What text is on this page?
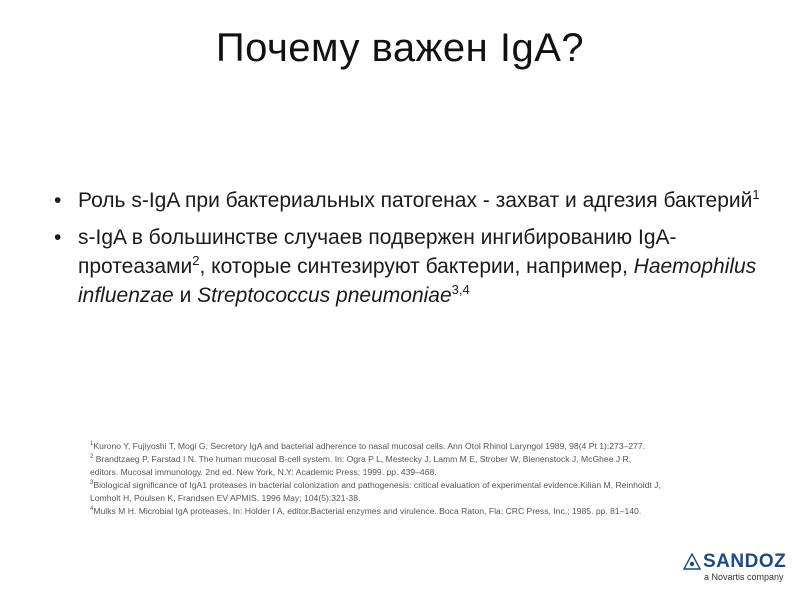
Почему важен IgA?
• Роль s-IgA при бактериальных патогенах - захват и адгезия бактерий$^1$
• s-IgA в большинстве случаев подвержен ингибированию IgA-протеазами$^2$, которые синтезируют бактерии, например, Haemophilus influenzae и Streptococcus pneumoniae$^{3,4}$
$^1$Kurono Y, Fujiyoshi T, Mogi G: Secretory IgA and bacterial adherence to nasal mucosal cells. Ann Otol Rhinol Laryngol 1989, 98(4 Pt 1):273–277.
$^2$ Brandtzaeg P, Farstad I N. The human mucosal B-cell system. In: Ogra P L, Mestecky J, Lamm M E, Strober W, Bienenstock J, McGhee J R,
editors. Mucosal immunology. 2nd ed. New York, N.Y: Academic Press; 1999. pp. 439–468.
$^3$Biological significance of IgA1 proteases in bacterial colonization and pathogenesis: critical evaluation of experimental evidence.Kilian M, Reinholdt J,
Lomholt H, Poulsen K, Frandsen EV APMIS. 1996 May; 104(5):321-38.
$^4$Mulks M H. Microbial IgA proteases. In: Holder I A, editor.Bacterial enzymes and virulence. Boca Raton, Fla: CRC Press, Inc.; 1985. pp. 81–140.
SANDOZ
a Novartis company
